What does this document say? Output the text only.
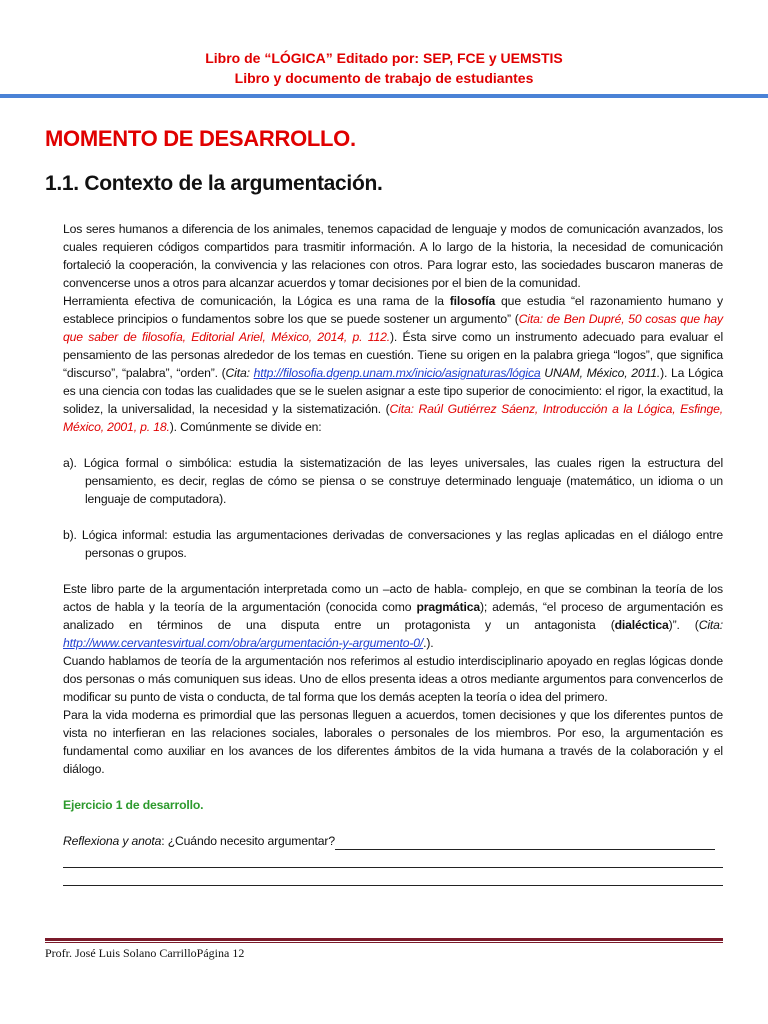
Libro de “LÓGICA” Editado por: SEP, FCE y UEMSTIS
Libro y documento de trabajo de estudiantes
MOMENTO DE DESARROLLO.
1.1. Contexto de la argumentación.

Los seres humanos a diferencia de los animales, tenemos capacidad de lenguaje y modos de comunicación avanzados, los cuales requieren códigos compartidos para trasmitir información. A lo largo de la historia, la necesidad de comunicación fortaleció la cooperación, la convivencia y las relaciones con otros. Para lograr esto, las sociedades buscaron maneras de convencerse unos a otros para alcanzar acuerdos y tomar decisiones por el bien de la comunidad.

Herramienta efectiva de comunicación, la Lógica es una rama de la filosofía que estudia “el razonamiento humano y establece principios o fundamentos sobre los que se puede sostener un argumento” (Cita: de Ben Dupré, 50 cosas que hay que saber de filosofía, Editorial Ariel, México, 2014, p. 112.). Ésta sirve como un instrumento adecuado para evaluar el pensamiento de las personas alrededor de los temas en cuestión. Tiene su origen en la palabra griega “logos”, que significa “discurso”, “palabra”, “orden”. (Cita: http://filosofia.dgenp.unam.mx/inicio/asignaturas/lógica UNAM, México, 2011.). La Lógica es una ciencia con todas las cualidades que se le suelen asignar a este tipo superior de conocimiento: el rigor, la exactitud, la solidez, la universalidad, la necesidad y la sistematización. (Cita: Raúl Gutiérrez Sáenz, Introducción a la Lógica, Esfinge, México, 2001, p. 18.). Comúnmente se divide en:

a). Lógica formal o simbólica: estudia la sistematización de las leyes universales, las cuales rigen la estructura del pensamiento, es decir, reglas de cómo se piensa o se construye determinado lenguaje (matemático, un idioma o un lenguaje de computadora).

b). Lógica informal: estudia las argumentaciones derivadas de conversaciones y las reglas aplicadas en el diálogo entre personas o grupos.

Este libro parte de la argumentación interpretada como un –acto de habla- complejo, en que se combinan la teoría de los actos de habla y la teoría de la argumentación (conocida como pragmática); además, “el proceso de argumentación es analizado en términos de una disputa entre un protagonista y un antagonista (dialéctica)”. (Cita: http://www.cervantesvirtual.com/obra/argumentación-y-argumento-0/.).

Cuando hablamos de teoría de la argumentación nos referimos al estudio interdisciplinario apoyado en reglas lógicas donde dos personas o más comuniquen sus ideas. Uno de ellos presenta ideas a otros mediante argumentos para convencerlos de modificar su punto de vista o conducta, de tal forma que los demás acepten la teoría o idea del primero.

Para la vida moderna es primordial que las personas lleguen a acuerdos, tomen decisiones y que los diferentes puntos de vista no interfieran en las relaciones sociales, laborales o personales de los miembros. Por eso, la argumentación es fundamental como auxiliar en los avances de los diferentes ámbitos de la vida humana a través de la colaboración y el diálogo.

Ejercicio 1 de desarrollo.

Reflexiona y anota: ¿Cuándo necesito argumentar?
Profr. José Luis Solano CarrilloPágina 12
